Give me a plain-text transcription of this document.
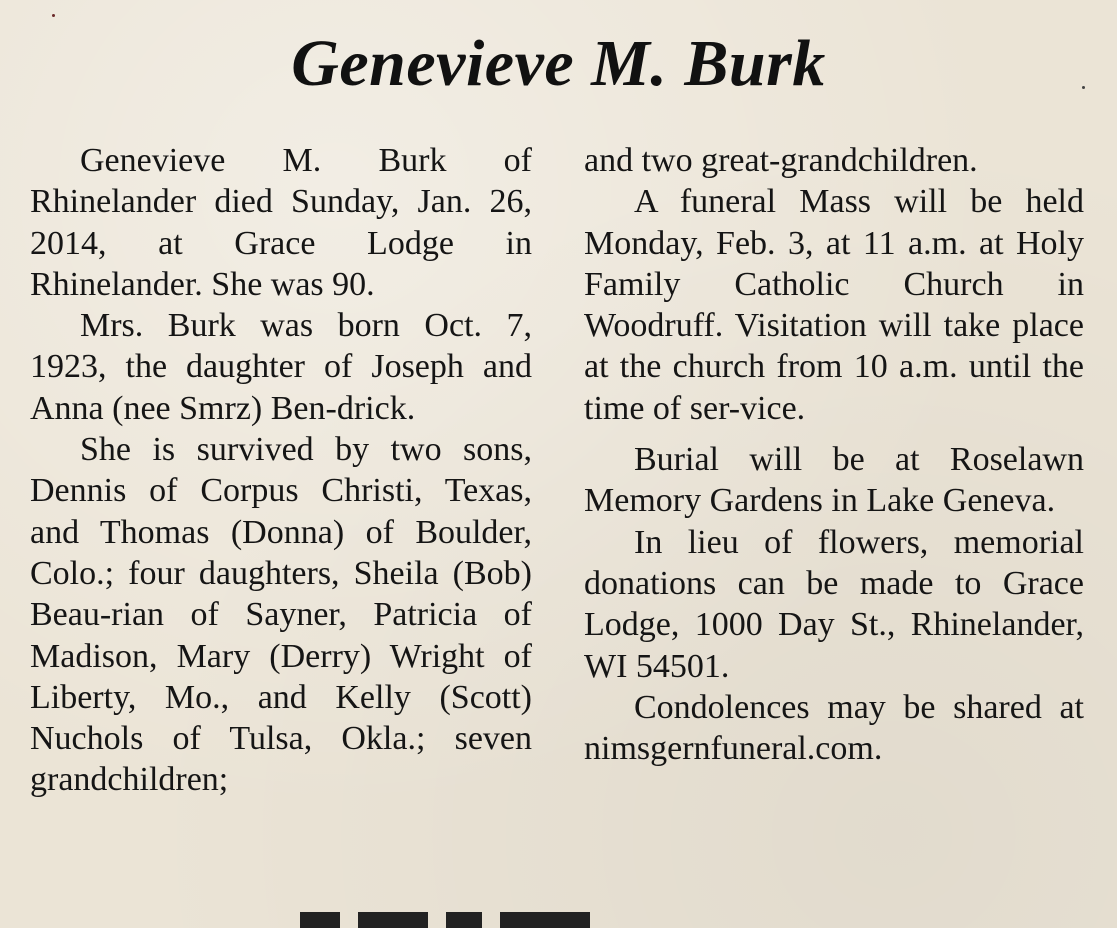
Genevieve M. Burk

Genevieve M. Burk of Rhinelander died Sunday, Jan. 26, 2014, at Grace Lodge in Rhinelander. She was 90.

Mrs. Burk was born Oct. 7, 1923, the daughter of Joseph and Anna (nee Smrz) Ben-drick.

She is survived by two sons, Dennis of Corpus Christi, Texas, and Thomas (Donna) of Boulder, Colo.; four daughters, Sheila (Bob) Beau-rian of Sayner, Patricia of Madison, Mary (Derry) Wright of Liberty, Mo., and Kelly (Scott) Nuchols of Tulsa, Okla.; seven grandchildren;

and two great-grandchildren.

A funeral Mass will be held Monday, Feb. 3, at 11 a.m. at Holy Family Catholic Church in Woodruff. Visitation will take place at the church from 10 a.m. until the time of ser-vice.

Burial will be at Roselawn Memory Gardens in Lake Geneva.

In lieu of flowers, memorial donations can be made to Grace Lodge, 1000 Day St., Rhinelander, WI 54501.

Condolences may be shared at nimsgernfuneral.com.
